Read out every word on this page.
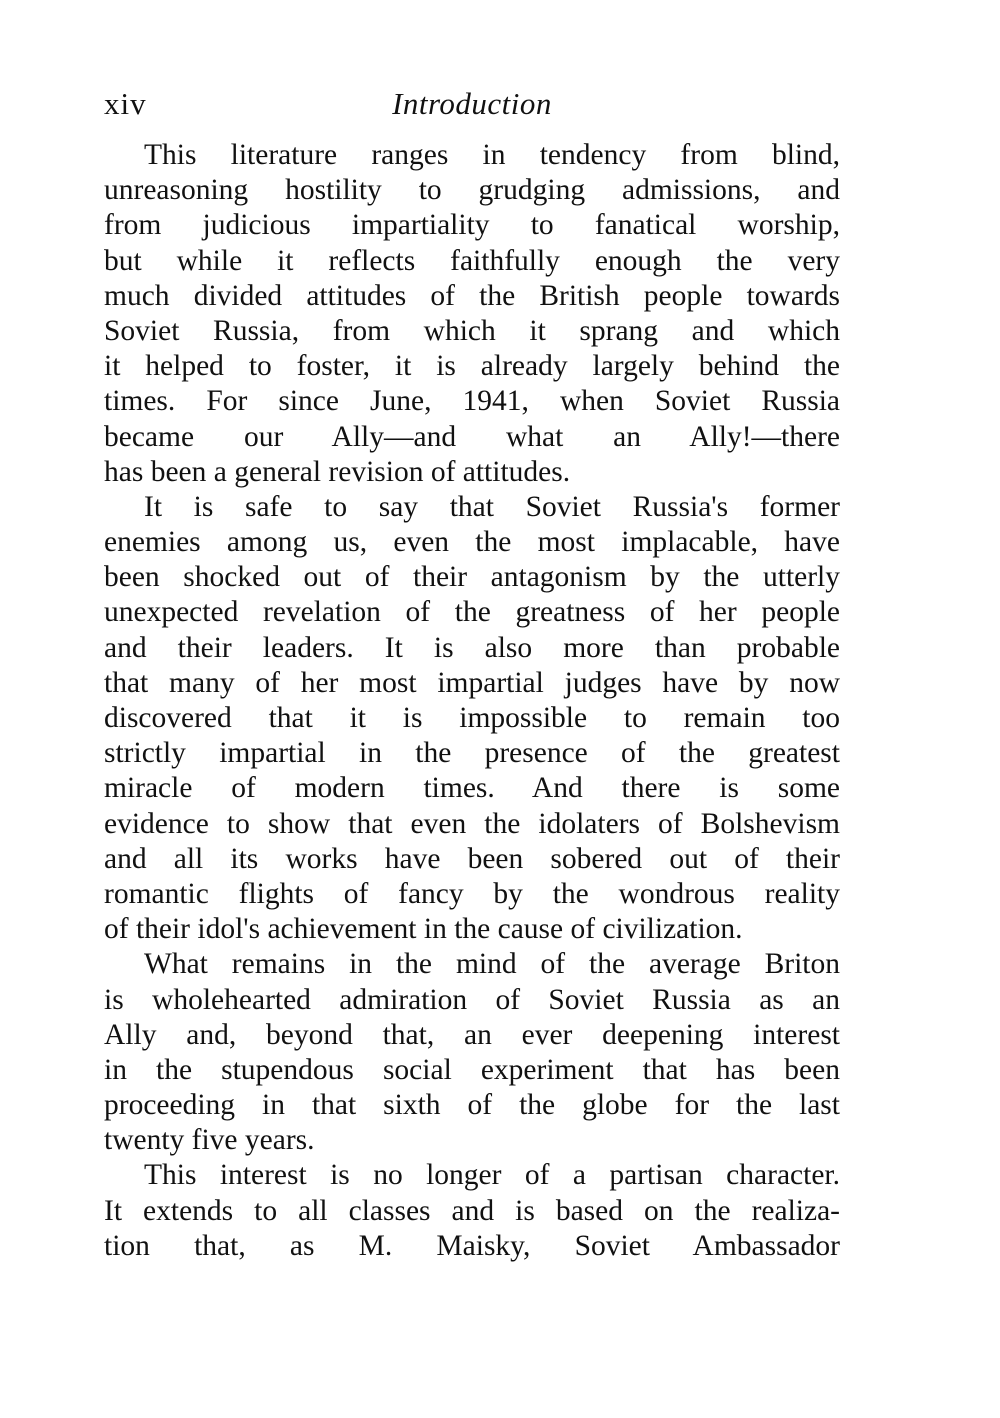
xiv	Introduction
This literature ranges in tendency from blind,
unreasoning hostility to grudging admissions, and
from judicious impartiality to fanatical worship,
but while it reflects faithfully enough the very
much divided attitudes of the British people towards
Soviet Russia, from which it sprang and which
it helped to foster, it is already largely behind the
times. For since June, 1941, when Soviet Russia
became our Ally—and what an Ally!—there
has been a general revision of attitudes.
It is safe to say that Soviet Russia's former
enemies among us, even the most implacable, have
been shocked out of their antagonism by the utterly
unexpected revelation of the greatness of her people
and their leaders. It is also more than probable
that many of her most impartial judges have by now
discovered that it is impossible to remain too
strictly impartial in the presence of the greatest
miracle of modern times. And there is some
evidence to show that even the idolaters of Bolshevism
and all its works have been sobered out of their
romantic flights of fancy by the wondrous reality
of their idol's achievement in the cause of civilization.
What remains in the mind of the average Briton
is wholehearted admiration of Soviet Russia as an
Ally and, beyond that, an ever deepening interest
in the stupendous social experiment that has been
proceeding in that sixth of the globe for the last
twenty five years.
This interest is no longer of a partisan character.
It extends to all classes and is based on the realiza-
tion that, as M. Maisky, Soviet Ambassador
